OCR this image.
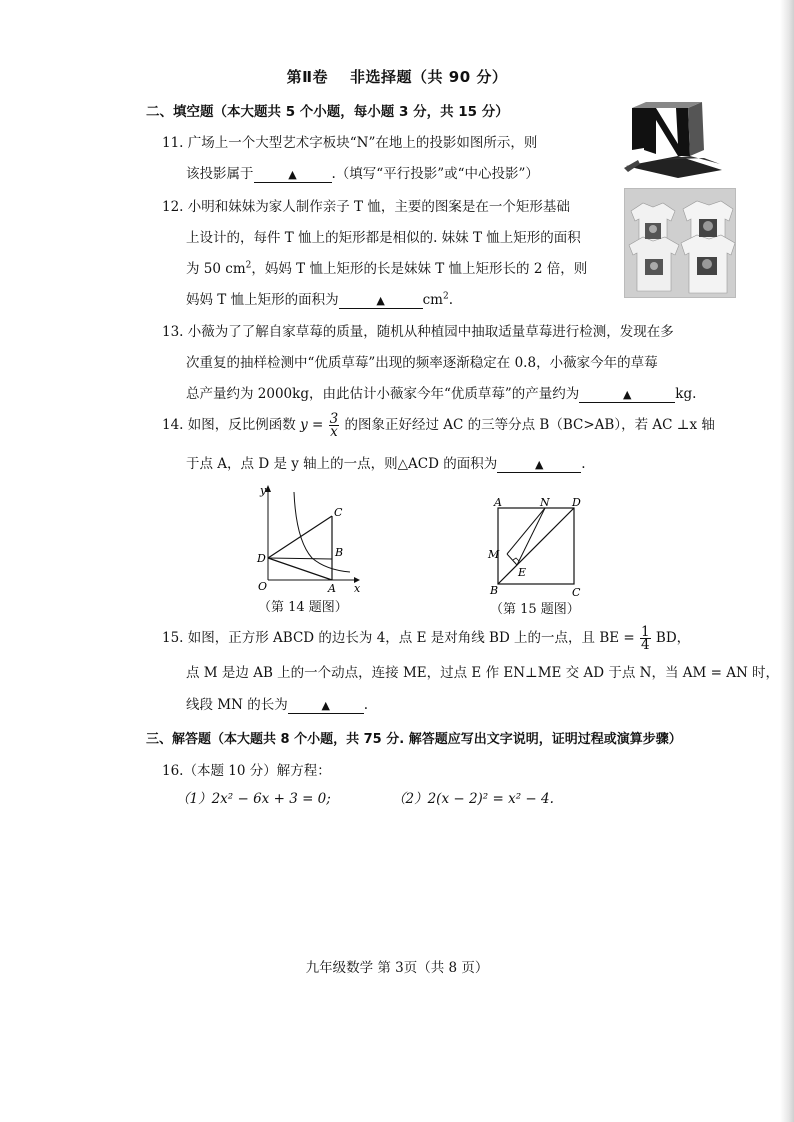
第Ⅱ卷 非选择题（共 90 分）
二、填空题（本大题共 5 个小题，每小题 3 分，共 15 分）
11. 广场上一个大型艺术字板块“N”在地上的投影如图所示，则
该投影属于	▲	.（填写“平行投影”或“中心投影”）
12. 小明和妹妹为家人制作亲子 T 恤，主要的图案是在一个矩形基础
上设计的，每件 T 恤上的矩形都是相似的. 妹妹 T 恤上矩形的面积
为 50 $cm^2$，妈妈 T 恤上矩形的长是妹妹 T 恤上矩形长的 2 倍，则
妈妈 T 恤上矩形的面积为	▲	$cm^2$.
13. 小薇为了了解自家草莓的质量，随机从种植园中抽取适量草莓进行检测，发现在多
次重复的抽样检测中“优质草莓”出现的频率逐渐稳定在 0.8，小薇家今年的草莓
总产量约为 2000kg，由此估计小薇家今年“优质草莓”的产量约为	▲	kg.
14. 如图，反比例函数 $y = \frac{3}{x}$ 的图象正好经过 AC 的三等分点 B（BC>AB），若 AC ⊥x 轴
于点 A，点 D 是 y 轴上的一点，则△ACD 的面积为	▲	.
y
x
O	A
B
C
D
（第 14 题图）
A	N D
M
E
B	C
（第 15 题图）
15. 如图，正方形 ABCD 的边长为 4，点 E 是对角线 BD 上的一点，且 BE = $\frac{1}{4}$ BD，
点 M 是边 AB 上的一个动点，连接 ME，过点 E 作 EN⊥ME 交 AD 于点 N，当 AM = AN 时，
线段 MN 的长为	▲	.
三、解答题（本大题共 8 个小题，共 75 分. 解答题应写出文字说明，证明过程或演算步骤）
16.（本题 10 分）解方程：
（1）2x² − 6x + 3 = 0;	（2）2(x − 2)² = x² − 4.
九年级数学 第 3页（共 8 页）
